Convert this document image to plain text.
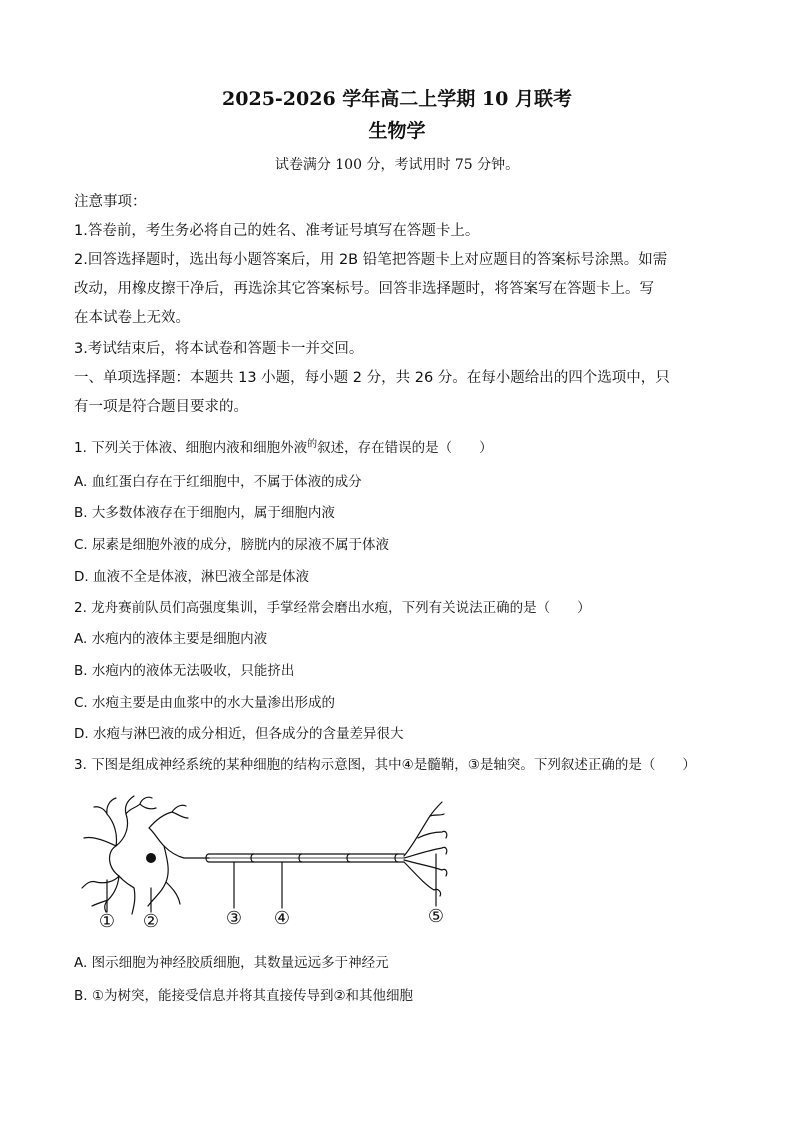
2025-2026 学年高二上学期 10 月联考
生物学
试卷满分 100 分，考试用时 75 分钟。
注意事项：
1.答卷前，考生务必将自己的姓名、准考证号填写在答题卡上。
2.回答选择题时，选出每小题答案后，用 2B 铅笔把答题卡上对应题目的答案标号涂黑。如需
改动，用橡皮擦干净后，再选涂其它答案标号。回答非选择题时，将答案写在答题卡上。写
在本试卷上无效。
3.考试结束后，将本试卷和答题卡一并交回。
一、单项选择题：本题共 13 小题，每小题 2 分，共 26 分。在每小题给出的四个选项中，只
有一项是符合题目要求的。
1. 下列关于体液、细胞内液和细胞外液$^的$叙述，存在错误的是（　　）
A. 血红蛋白存在于红细胞中，不属于体液的成分
B. 大多数体液存在于细胞内，属于细胞内液
C. 尿素是细胞外液的成分，膀胱内的尿液不属于体液
D. 血液不全是体液，淋巴液全部是体液
2. 龙舟赛前队员们高强度集训，手掌经常会磨出水疱，下列有关说法正确的是（　　）
A. 水疱内的液体主要是细胞内液
B. 水疱内的液体无法吸收，只能挤出
C. 水疱主要是由血浆中的水大量渗出形成的
D. 水疱与淋巴液的成分相近，但各成分的含量差异很大
3. 下图是组成神经系统的某种细胞的结构示意图，其中④是髓鞘，③是轴突。下列叙述正确的是（　　）
① ②	③ ④	⑤
A. 图示细胞为神经胶质细胞，其数量远远多于神经元
B. ①为树突，能接受信息并将其直接传导到②和其他细胞
